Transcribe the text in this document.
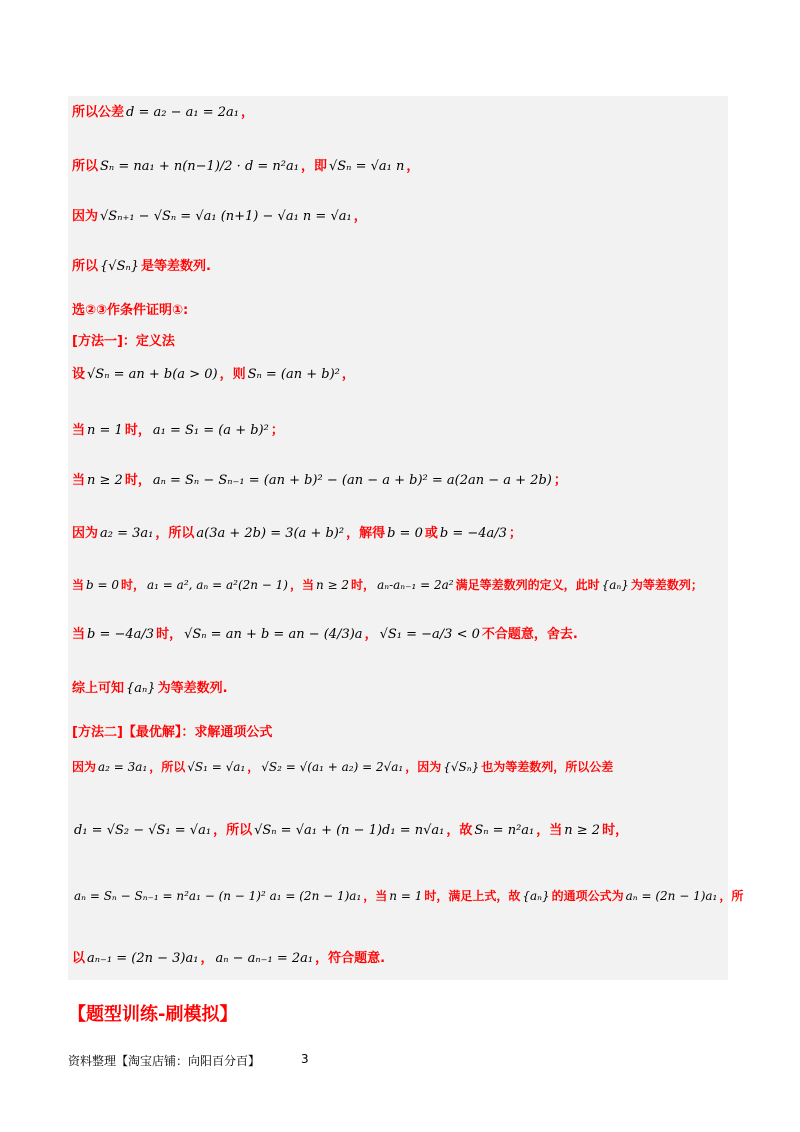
所以公差 d = a₂ − a₁ = 2a₁ ，
所以 Sₙ = na₁ + n(n−1)/2 · d = n²a₁ ，即 √Sₙ = √a₁ n ，
因为 √Sₙ₊₁ − √Sₙ = √a₁ (n+1) − √a₁ n = √a₁ ，
所以 {√Sₙ} 是等差数列.
选②③作条件证明①:
[方法一]：定义法
设 √Sₙ = an + b(a > 0) ，则 Sₙ = (an + b)² ，
当 n = 1 时， a₁ = S₁ = (a + b)² ；
当 n ≥ 2 时， aₙ = Sₙ − Sₙ₋₁ = (an + b)² − (an − a + b)² = a(2an − a + 2b) ；
因为 a₂ = 3a₁ ，所以 a(3a + 2b) = 3(a + b)² ，解得 b = 0 或 b = −4a/3 ；
当 b = 0 时， a₁ = a², aₙ = a²(2n − 1) ，当 n ≥ 2 时， aₙ-aₙ₋₁ = 2a² 满足等差数列的定义，此时 {aₙ} 为等差数列；
当 b = −4a/3 时， √Sₙ = an + b = an − (4/3)a ， √S₁ = −a/3 < 0 不合题意，舍去.
综上可知 {aₙ} 为等差数列.
[方法二]【最优解】：求解通项公式
因为 a₂ = 3a₁ ，所以 √S₁ = √a₁ ， √S₂ = √(a₁ + a₂) = 2√a₁ ，因为 {√Sₙ} 也为等差数列，所以公差
d₁ = √S₂ − √S₁ = √a₁ ，所以 √Sₙ = √a₁ + (n − 1)d₁ = n√a₁ ，故 Sₙ = n²a₁ ，当 n ≥ 2 时，
aₙ = Sₙ − Sₙ₋₁ = n²a₁ − (n − 1)² a₁ = (2n − 1)a₁ ，当 n = 1 时，满足上式，故 {aₙ} 的通项公式为 aₙ = (2n − 1)a₁ ，所
以 aₙ₋₁ = (2n − 3)a₁ ， aₙ − aₙ₋₁ = 2a₁ ，符合题意.
【题型训练-刷模拟】
资料整理【淘宝店铺：向阳百分百】	3
